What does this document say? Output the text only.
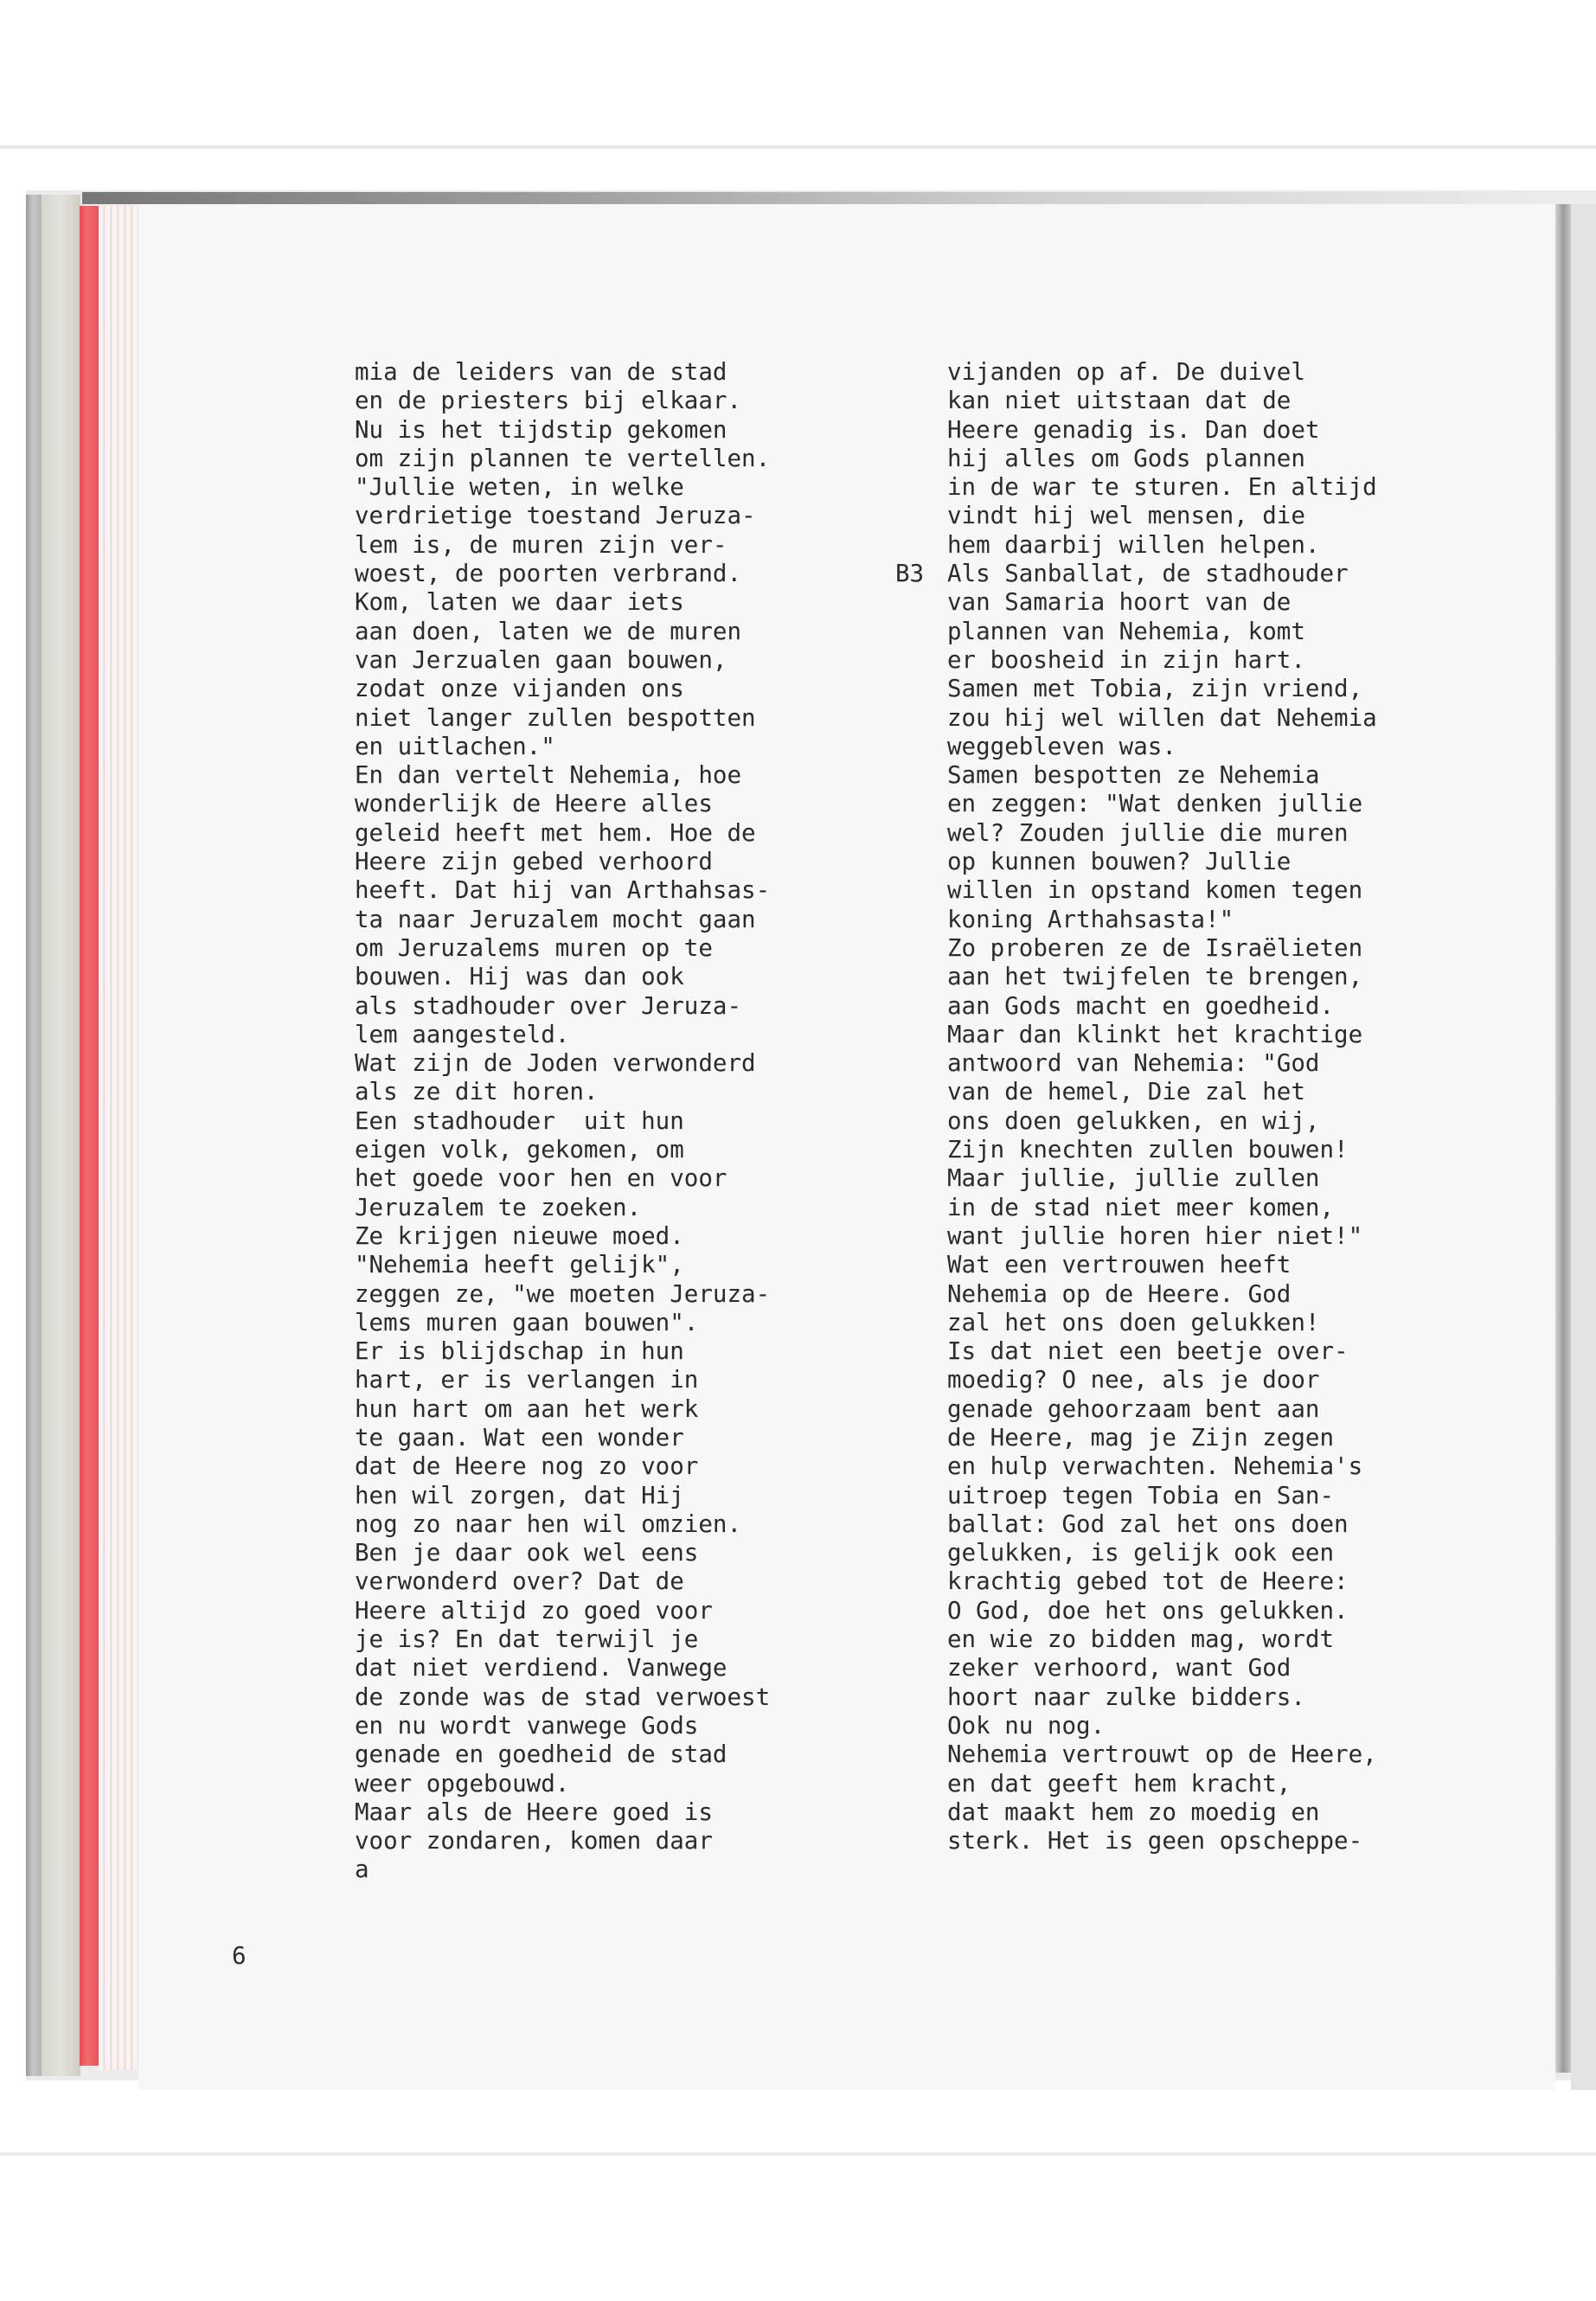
mia de leiders van de stad
en de priesters bij elkaar.
Nu is het tijdstip gekomen
om zijn plannen te vertellen.
"Jullie weten, in welke
verdrietige toestand Jeruza-
lem is, de muren zijn ver-
woest, de poorten verbrand.
Kom, laten we daar iets
aan doen, laten we de muren
van Jerzualen gaan bouwen,
zodat onze vijanden ons
niet langer zullen bespotten
en uitlachen."
En dan vertelt Nehemia, hoe
wonderlijk de Heere alles
geleid heeft met hem. Hoe de
Heere zijn gebed verhoord
heeft. Dat hij van Arthahsas-
ta naar Jeruzalem mocht gaan
om Jeruzalems muren op te
bouwen. Hij was dan ook
als stadhouder over Jeruza-
lem aangesteld.
Wat zijn de Joden verwonderd
als ze dit horen.
Een stadhouder  uit hun
eigen volk, gekomen, om
het goede voor hen en voor
Jeruzalem te zoeken.
Ze krijgen nieuwe moed.
"Nehemia heeft gelijk",
zeggen ze, "we moeten Jeruza-
lems muren gaan bouwen".
Er is blijdschap in hun
hart, er is verlangen in
hun hart om aan het werk
te gaan. Wat een wonder
dat de Heere nog zo voor
hen wil zorgen, dat Hij
nog zo naar hen wil omzien.
Ben je daar ook wel eens
verwonderd over? Dat de
Heere altijd zo goed voor
je is? En dat terwijl je
dat niet verdiend. Vanwege
de zonde was de stad verwoest
en nu wordt vanwege Gods
genade en goedheid de stad
weer opgebouwd.
Maar als de Heere goed is
voor zondaren, komen daar
a
vijanden op af. De duivel
kan niet uitstaan dat de
Heere genadig is. Dan doet
hij alles om Gods plannen
in de war te sturen. En altijd
vindt hij wel mensen, die
hem daarbij willen helpen.
Als Sanballat, de stadhouder
van Samaria hoort van de
plannen van Nehemia, komt
er boosheid in zijn hart.
Samen met Tobia, zijn vriend,
zou hij wel willen dat Nehemia
weggebleven was.
Samen bespotten ze Nehemia
en zeggen: "Wat denken jullie
wel? Zouden jullie die muren
op kunnen bouwen? Jullie
willen in opstand komen tegen
koning Arthahsasta!"
Zo proberen ze de Israëlieten
aan het twijfelen te brengen,
aan Gods macht en goedheid.
Maar dan klinkt het krachtige
antwoord van Nehemia: "God
van de hemel, Die zal het
ons doen gelukken, en wij,
Zijn knechten zullen bouwen!
Maar jullie, jullie zullen
in de stad niet meer komen,
want jullie horen hier niet!"
Wat een vertrouwen heeft
Nehemia op de Heere. God
zal het ons doen gelukken!
Is dat niet een beetje over-
moedig? O nee, als je door
genade gehoorzaam bent aan
de Heere, mag je Zijn zegen
en hulp verwachten. Nehemia's
uitroep tegen Tobia en San-
ballat: God zal het ons doen
gelukken, is gelijk ook een
krachtig gebed tot de Heere:
O God, doe het ons gelukken.
en wie zo bidden mag, wordt
zeker verhoord, want God
hoort naar zulke bidders.
Ook nu nog.
Nehemia vertrouwt op de Heere,
en dat geeft hem kracht,
dat maakt hem zo moedig en
sterk. Het is geen opscheppe-
B3
6
